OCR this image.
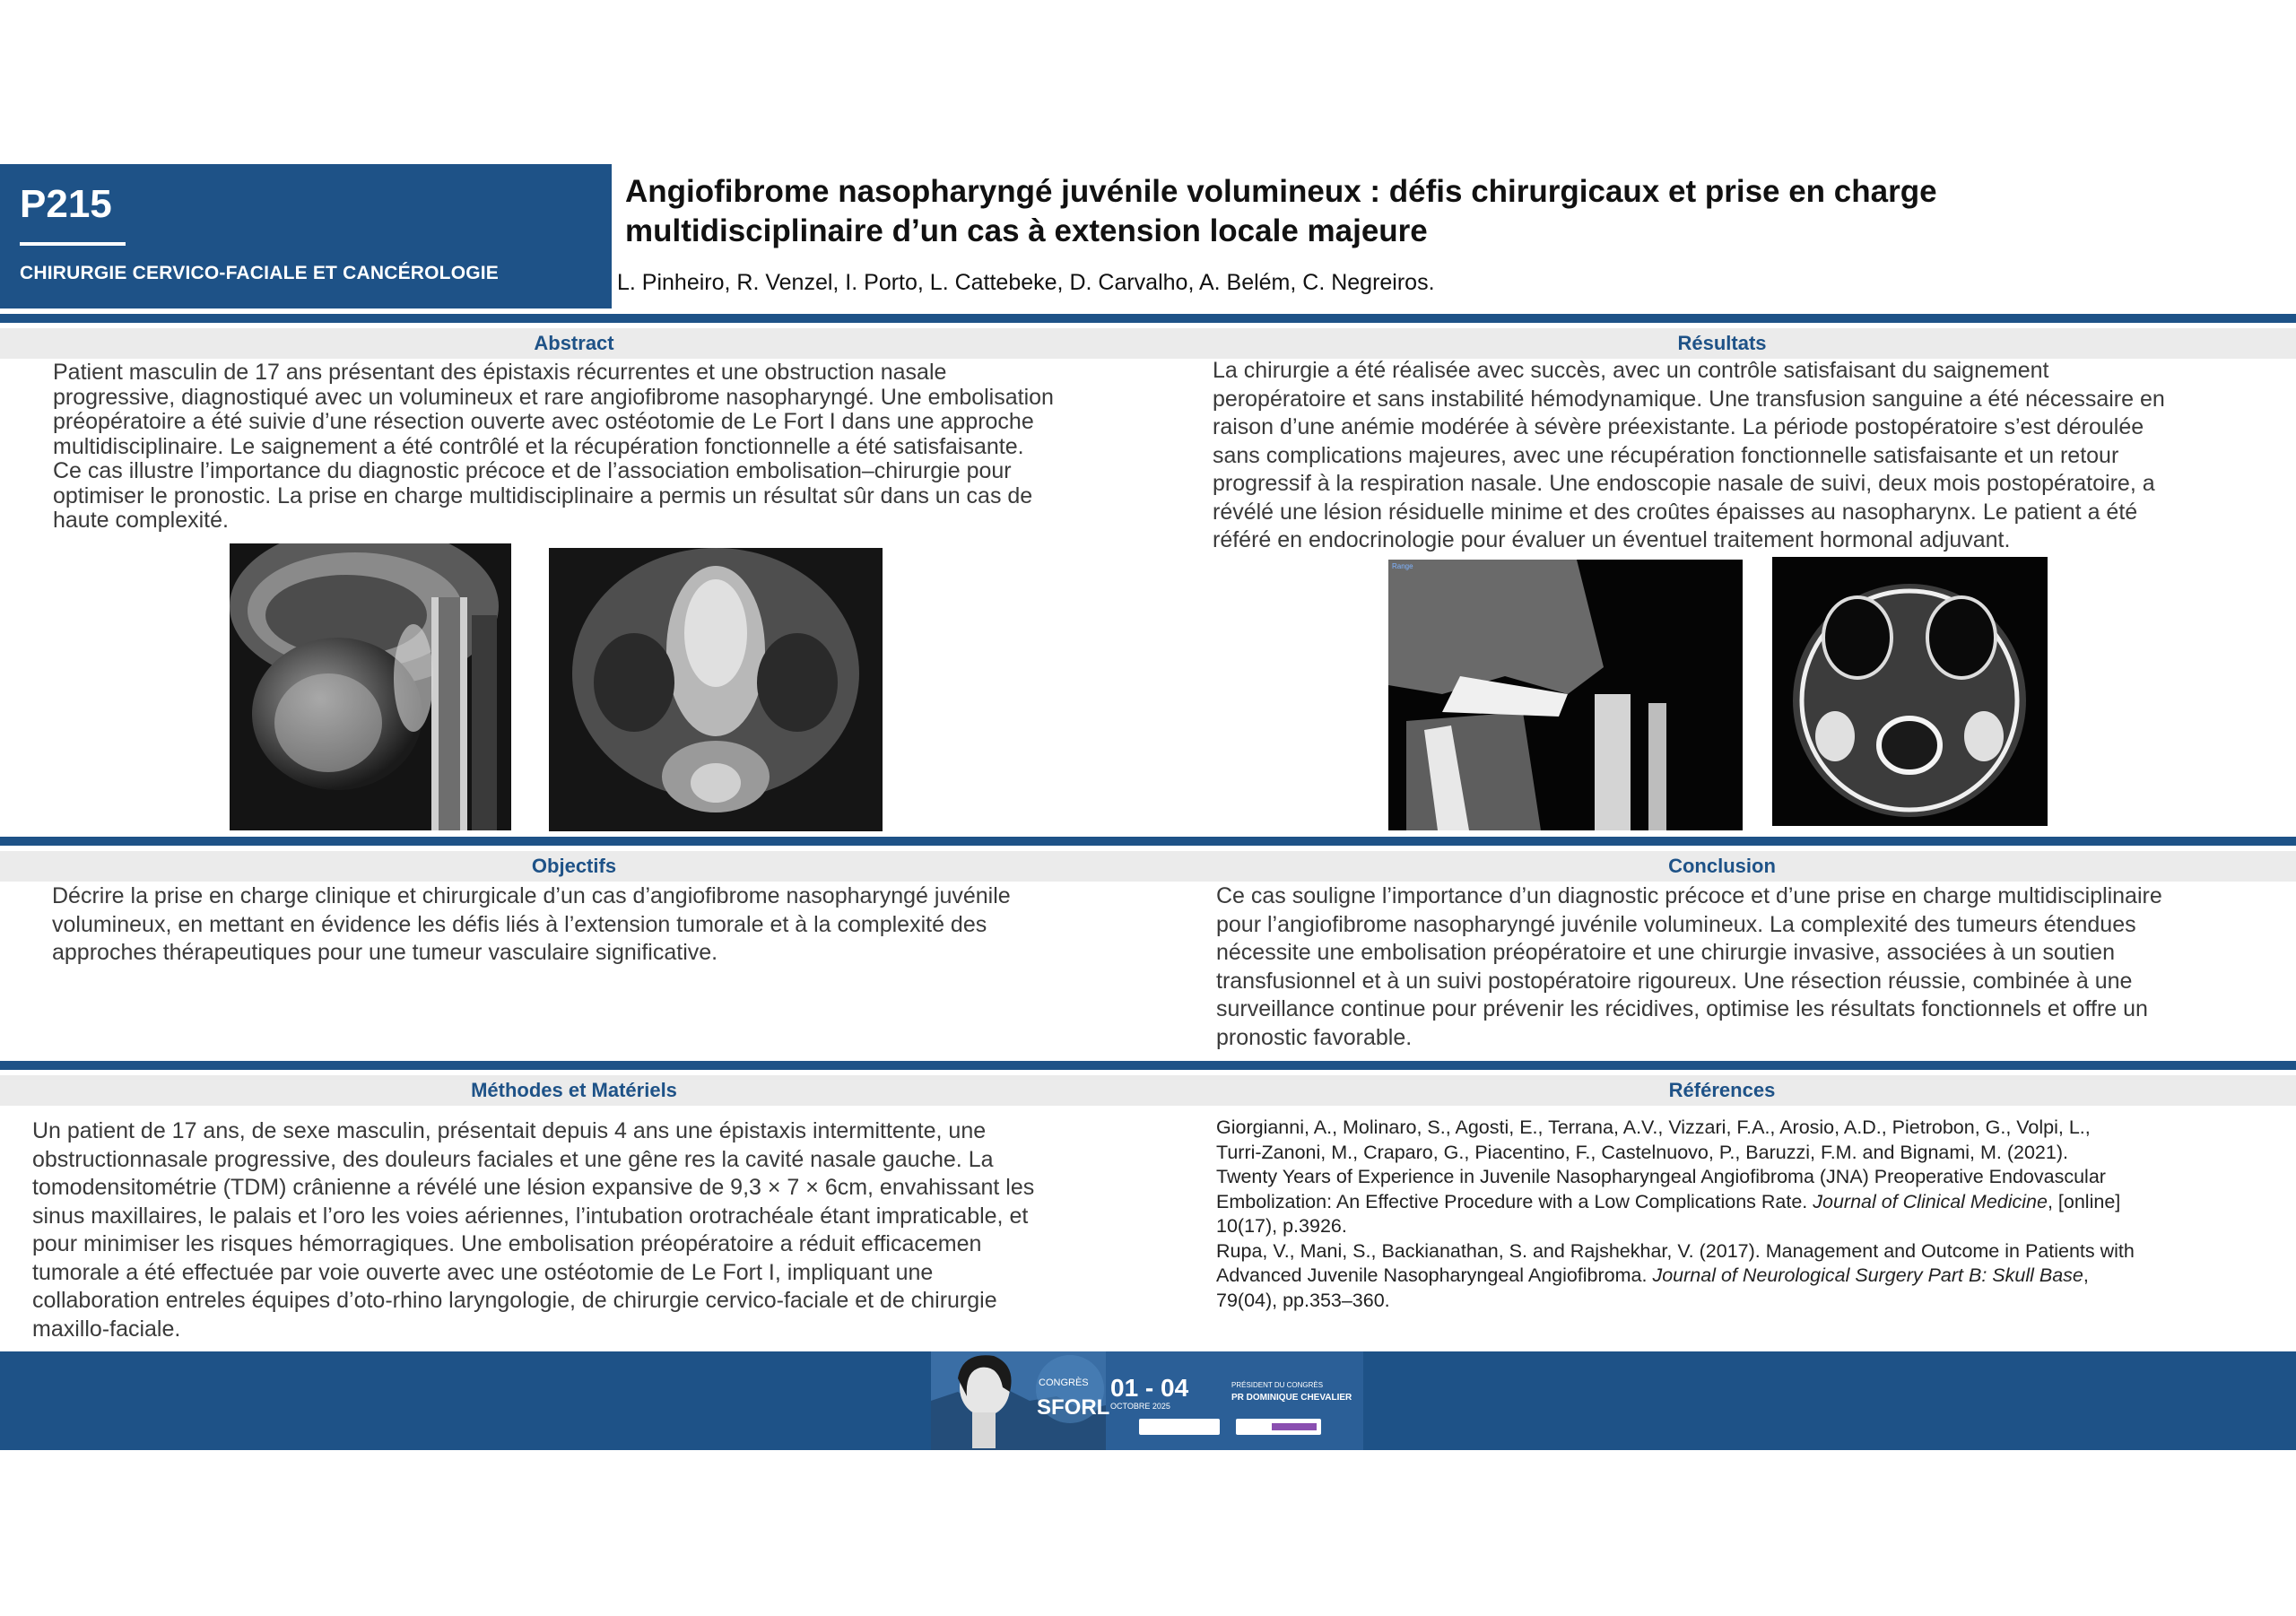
P215
CHIRURGIE CERVICO-FACIALE ET CANCÉROLOGIE
Angiofibrome nasopharyngé juvénile volumineux : défis chirurgicaux et prise en charge
multidisciplinaire d’un cas à extension locale majeure
L. Pinheiro, R. Venzel, I. Porto, L. Cattebeke, D. Carvalho, A. Belém, C. Negreiros.
Abstract	Résultats
Patient masculin de 17 ans présentant des épistaxis récurrentes et une obstruction nasale
progressive, diagnostiqué avec un volumineux et rare angiofibrome nasopharyngé. Une embolisation
préopératoire a été suivie d’une résection ouverte avec ostéotomie de Le Fort I dans une approche
multidisciplinaire. Le saignement a été contrôlé et la récupération fonctionnelle a été satisfaisante.
Ce cas illustre l’importance du diagnostic précoce et de l’association embolisation–chirurgie pour
optimiser le pronostic. La prise en charge multidisciplinaire a permis un résultat sûr dans un cas de
haute complexité.
La chirurgie a été réalisée avec succès, avec un contrôle satisfaisant du saignement
peropératoire et sans instabilité hémodynamique. Une transfusion sanguine a été nécessaire en
raison d’une anémie modérée à sévère préexistante. La période postopératoire s’est déroulée
sans complications majeures, avec une récupération fonctionnelle satisfaisante et un retour
progressif à la respiration nasale. Une endoscopie nasale de suivi, deux mois postopératoire, a
révélé une lésion résiduelle minime et des croûtes épaisses au nasopharynx. Le patient a été
référé en endocrinologie pour évaluer un éventuel traitement hormonal adjuvant.
Range
Objectifs	Conclusion
Décrire la prise en charge clinique et chirurgicale d’un cas d’angiofibrome nasopharyngé juvénile
volumineux, en mettant en évidence les défis liés à l’extension tumorale et à la complexité des
approches thérapeutiques pour une tumeur vasculaire significative.
Ce cas souligne l’importance d’un diagnostic précoce et d’une prise en charge multidisciplinaire
pour l’angiofibrome nasopharyngé juvénile volumineux. La complexité des tumeurs étendues
nécessite une embolisation préopératoire et une chirurgie invasive, associées à un soutien
transfusionnel et à un suivi postopératoire rigoureux. Une résection réussie, combinée à une
surveillance continue pour prévenir les récidives, optimise les résultats fonctionnels et offre un
pronostic favorable.
Méthodes et Matériels	Références
Un patient de 17 ans, de sexe masculin, présentait depuis 4 ans une épistaxis intermittente, une
obstructionnasale progressive, des douleurs faciales et une gêne res la cavité nasale gauche. La
tomodensitométrie (TDM) crânienne a révélé une lésion expansive de 9,3 × 7 × 6cm, envahissant les
sinus maxillaires, le palais et l’oro les voies aériennes, l’intubation orotrachéale étant impraticable, et
pour minimiser les risques hémorragiques. Une embolisation préopératoire a réduit efficacemen
tumorale a été effectuée par voie ouverte avec une ostéotomie de Le Fort I, impliquant une
collaboration entreles équipes d’oto-rhino laryngologie, de chirurgie cervico-faciale et de chirurgie
maxillo-faciale.
Giorgianni, A., Molinaro, S., Agosti, E., Terrana, A.V., Vizzari, F.A., Arosio, A.D., Pietrobon, G., Volpi, L.,
Turri-Zanoni, M., Craparo, G., Piacentino, F., Castelnuovo, P., Baruzzi, F.M. and Bignami, M. (2021).
Twenty Years of Experience in Juvenile Nasopharyngeal Angiofibroma (JNA) Preoperative Endovascular
Embolization: An Effective Procedure with a Low Complications Rate. Journal of Clinical Medicine, [online]
10(17), p.3926.
Rupa, V., Mani, S., Backianathan, S. and Rajshekhar, V. (2017). Management and Outcome in Patients with
Advanced Juvenile Nasopharyngeal Angiofibroma. Journal of Neurological Surgery Part B: Skull Base,
79(04), pp.353–360.
CONGRÈS
SFORL
01 - 04
OCTOBRE 2025
PRÉSIDENT DU CONGRÈS
PR DOMINIQUE CHEVALIER
